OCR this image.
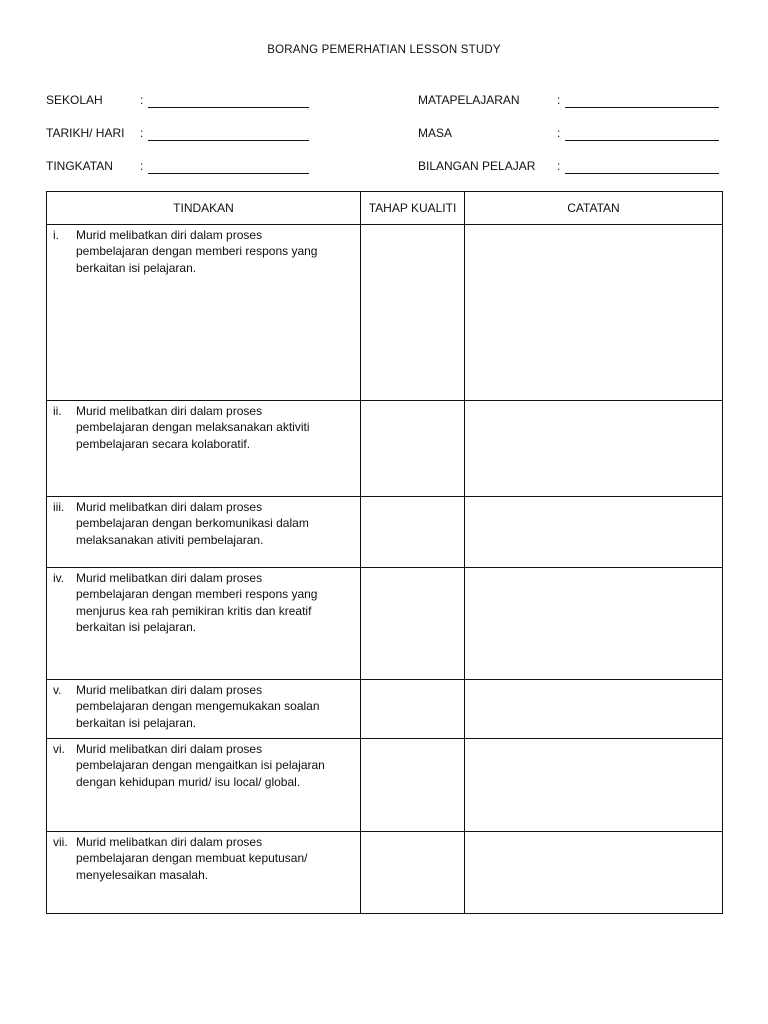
BORANG PEMERHATIAN LESSON STUDY
SEKOLAH	:
TARIKH/ HARI :
TINGKATAN :
MATAPELAJARAN	:
MASA	:
BILANGAN PELAJAR :
TINDAKAN	TAHAP KUALITI	CATATAN

i. Murid melibatkan diri dalam proses
pembelajaran dengan memberi respons yang
berkaitan isi pelajaran.		

ii. Murid melibatkan diri dalam proses
pembelajaran dengan melaksanakan aktiviti
pembelajaran secara kolaboratif.		

iii. Murid melibatkan diri dalam proses
pembelajaran dengan berkomunikasi dalam
melaksanakan ativiti pembelajaran.		

iv. Murid melibatkan diri dalam proses
pembelajaran dengan memberi respons yang
menjurus kea rah pemikiran kritis dan kreatif
berkaitan isi pelajaran.		

v. Murid melibatkan diri dalam proses
pembelajaran dengan mengemukakan soalan
berkaitan isi pelajaran.		

vi. Murid melibatkan diri dalam proses
pembelajaran dengan mengaitkan isi pelajaran
dengan kehidupan murid/ isu local/ global.		

vii. Murid melibatkan diri dalam proses
pembelajaran dengan membuat keputusan/
menyelesaikan masalah.		
